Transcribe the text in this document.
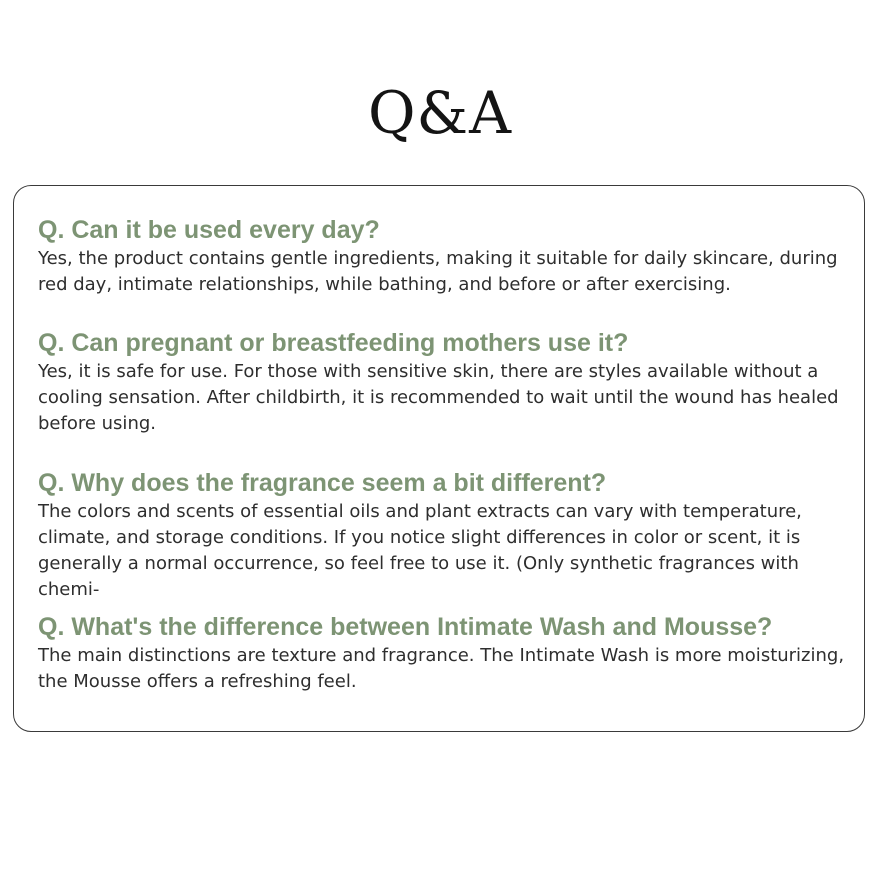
Q&A
Q. Can it be used every day?
Yes, the product contains gentle ingredients, making it suitable for daily skincare, during red day, intimate relationships, while bathing, and before or after exercising.
Q. Can pregnant or breastfeeding mothers use it?
Yes, it is safe for use. For those with sensitive skin, there are styles available without a cooling sensation. After childbirth, it is recommended to wait until the wound has healed before using.
Q. Why does the fragrance seem a bit different?
The colors and scents of essential oils and plant extracts can vary with temperature, climate, and storage conditions. If you notice slight differences in color or scent, it is generally a normal occurrence, so feel free to use it. (Only synthetic fragrances with chemi-
Q. What's the difference between Intimate Wash and Mousse?
The main distinctions are texture and fragrance. The Intimate Wash is more moisturizing, the Mousse offers a refreshing feel.
